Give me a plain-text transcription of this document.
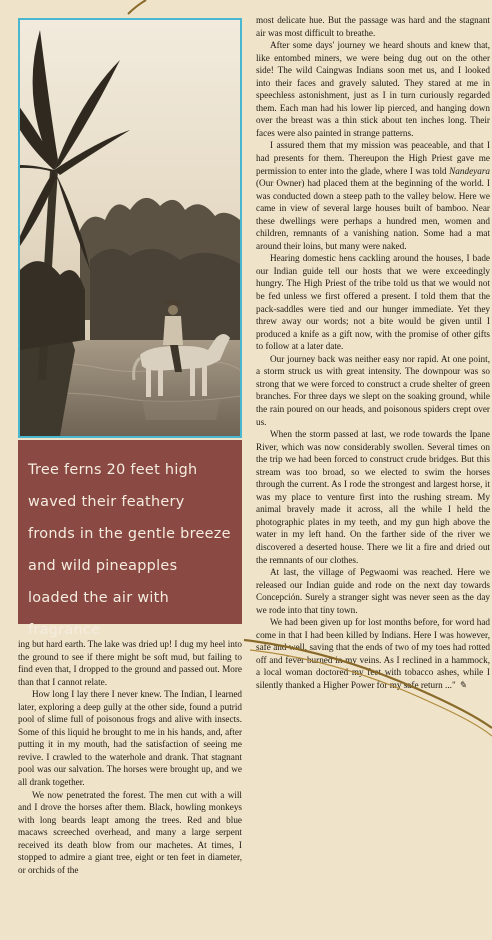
Tree ferns 20 feet high waved their feathery fronds in the gentle breeze and wild pineapples loaded the air with fragrance

most delicate hue. But the passage was hard and the stagnant air was most difficult to breathe.

After some days' journey we heard shouts and knew that, like entombed miners, we were being dug out on the other side! The wild Caingwas Indians soon met us, and I looked into their faces and gravely saluted. They stared at me in speechless astonishment, just as I in turn curiously regarded them. Each man had his lower lip pierced, and hanging down over the breast was a thin stick about ten inches long. Their faces were also painted in strange patterns.

I assured them that my mission was peaceable, and that I had presents for them. Thereupon the High Priest gave me permission to enter into the glade, where I was told Nandeyara (Our Owner) had placed them at the beginning of the world. I was conducted down a steep path to the valley below. Here we came in view of several large houses built of bamboo. Near these dwellings were perhaps a hundred men, women and children, remnants of a vanishing nation. Some had a mat around their loins, but many were naked.

Hearing domestic hens cackling around the houses, I bade our Indian guide tell our hosts that we were exceedingly hungry. The High Priest of the tribe told us that we would not be fed unless we first offered a present. I told them that the pack-saddles were tied and our hunger immediate. Yet they threw away our words; not a bite would be given until I produced a knife as a gift now, with the promise of other gifts to follow at a later date.

Our journey back was neither easy nor rapid. At one point, a storm struck us with great intensity. The downpour was so strong that we were forced to construct a crude shelter of green branches. For three days we slept on the soaking ground, while the rain poured on our heads, and poisonous spiders crept over us.

When the storm passed at last, we rode towards the Ipane River, which was now considerably swollen. Several times on the trip we had been forced to construct crude bridges. But this stream was too broad, so we elected to swim the horses through the current. As I rode the strongest and largest horse, it was my place to venture first into the rushing stream. My animal bravely made it across, all the while I held the photographic plates in my teeth, and my gun high above the water in my left hand. On the farther side of the river we discovered a deserted house. There we lit a fire and dried out the remnants of our clothes.

At last, the village of Pegwaomi was reached. Here we released our Indian guide and rode on the next day towards Concepción. Surely a stranger sight was never seen as the day we rode into that tiny town.

We had been given up for lost months before, for word had come in that I had been killed by Indians. Here I was however, safe and well, saving that the ends of two of my toes had rotted off and fever burned in my veins. As I reclined in a hammock, a local woman doctored my feet with tobacco ashes, while I silently thanked a Higher Power for my safe return ..." ✎

ing but hard earth. The lake was dried up! I dug my heel into the ground to see if there might be soft mud, but failing to find even that, I dropped to the ground and passed out. More than that I cannot relate.

How long I lay there I never knew. The Indian, I learned later, exploring a deep gully at the other side, found a putrid pool of slime full of poisonous frogs and alive with insects. Some of this liquid he brought to me in his hands, and, after putting it in my mouth, had the satisfaction of seeing me revive. I crawled to the waterhole and drank. That stagnant pool was our salvation. The horses were brought up, and we all drank together.

We now penetrated the forest. The men cut with a will and I drove the horses after them. Black, howling monkeys with long beards leapt among the trees. Red and blue macaws screeched overhead, and many a large serpent received its death blow from our machetes. At times, I stopped to admire a giant tree, eight or ten feet in diameter, or orchids of the
